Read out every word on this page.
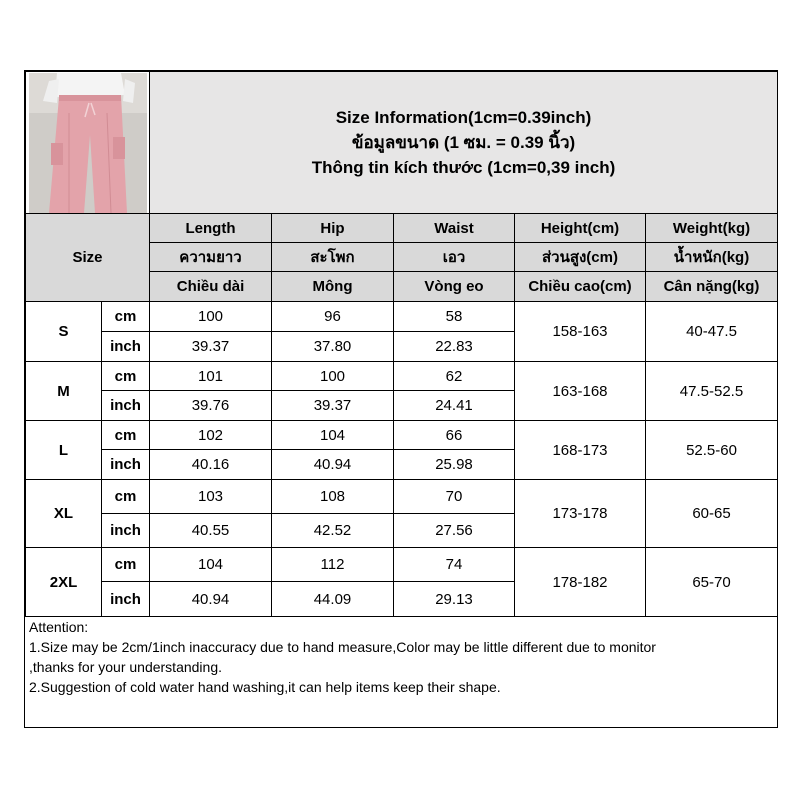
Size Information(1cm=0.39inch)
ข้อมูลขนาด (1 ซม. = 0.39 นิ้ว)
Thông tin kích thước (1cm=0,39 inch)				

Size		Length	Hip	Waist	Height(cm)	Weight(kg)
		ความยาว	สะโพก	เอว	ส่วนสูง(cm)	น้ำหนัก(kg)
		Chiều dài	Mông	Vòng eo	Chiều cao(cm)	Cân nặng(kg)
S	cm	100	96	58	158-163	40-47.5
	inch	39.37	37.80	22.83		
M	cm	101	100	62	163-168	47.5-52.5
	inch	39.76	39.37	24.41		
L	cm	102	104	66	168-173	52.5-60
	inch	40.16	40.94	25.98		
XL	cm	103	108	70	173-178	60-65
	inch	40.55	42.52	27.56		
2XL	cm	104	112	74	178-182	65-70
	inch	40.94	44.09	29.13		
Attention:
1.Size may be 2cm/1inch inaccuracy due to hand measure,Color may be little different due to monitor
,thanks for your understanding.
2.Suggestion of cold water hand washing,it can help items keep their shape.
